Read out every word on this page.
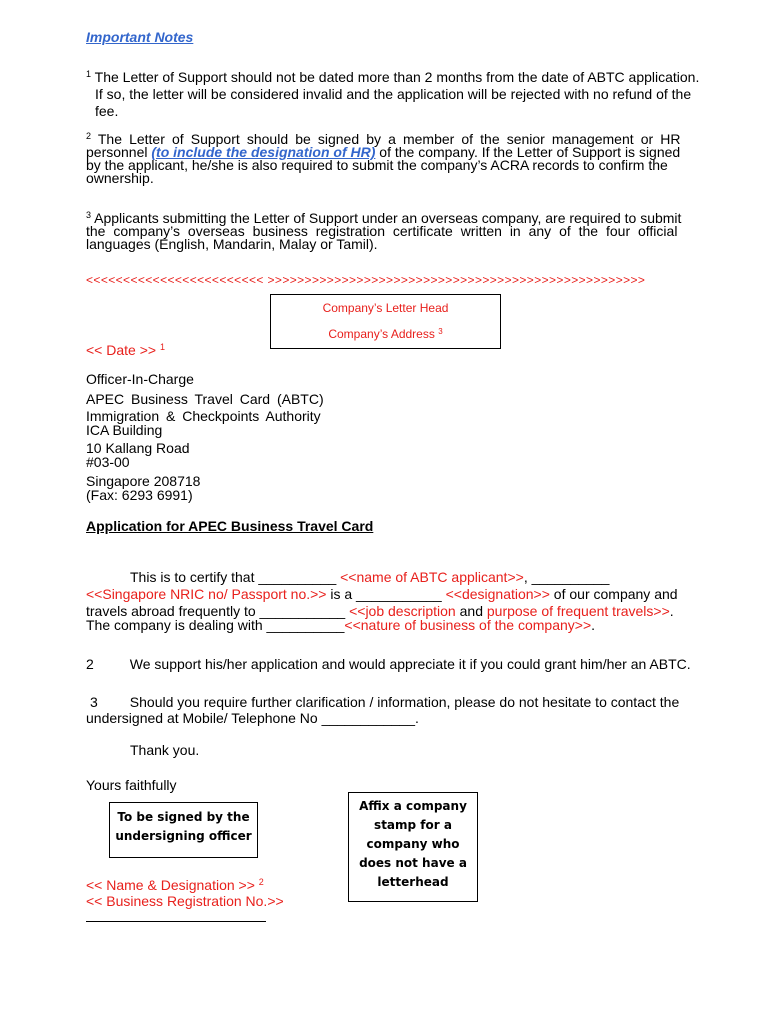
Important Notes
$^1$ The Letter of Support should not be dated more than 2 months from the date of ABTC application.
If so, the letter will be considered invalid and the application will be rejected with no refund of the
fee.
$^2$ The Letter of Support should be signed by a member of the senior management or HR
personnel (to include the designation of HR) of the company. If the Letter of Support is signed
by the applicant, he/she is also required to submit the company’s ACRA records to confirm the
ownership.
$^3$ Applicants submitting the Letter of Support under an overseas company, are required to submit
the company’s overseas business registration certificate written in any of the four official
languages (English, Mandarin, Malay or Tamil).
<<<<<<<<<<<<<<<<<<<<<<<< >>>>>>>>>>>>>>>>>>>>>>>>>>>>>>>>>>>>>>>>>>>>>>>>>>>
Company’s Letter Head
Company’s Address $^3$
<< Date >> $^1$
Officer-In-Charge
APEC Business Travel Card (ABTC)
Immigration & Checkpoints Authority
ICA Building
10 Kallang Road
#03-00
Singapore 208718
(Fax: 6293 6991)
Application for APEC Business Travel Card
This is to certify that __________ <<name of ABTC applicant>>, __________
<<Singapore NRIC no/ Passport no.>> is a ___________ <<designation>> of our company and
travels abroad frequently to ___________ <<job description and purpose of frequent travels>>.
The company is dealing with __________<<nature of business of the company>>.
2	We support his/her application and would appreciate it if you could grant him/her an ABTC.
3 Should you require further clarification / information, please do not hesitate to contact the
undersigned at Mobile/ Telephone No ____________.
Thank you.
Yours faithfully
To be signed by the
undersigning officer
Affix a company
stamp for a
company who
does not have a
letterhead
<< Name & Designation >> $^2$
<< Business Registration No.>>
